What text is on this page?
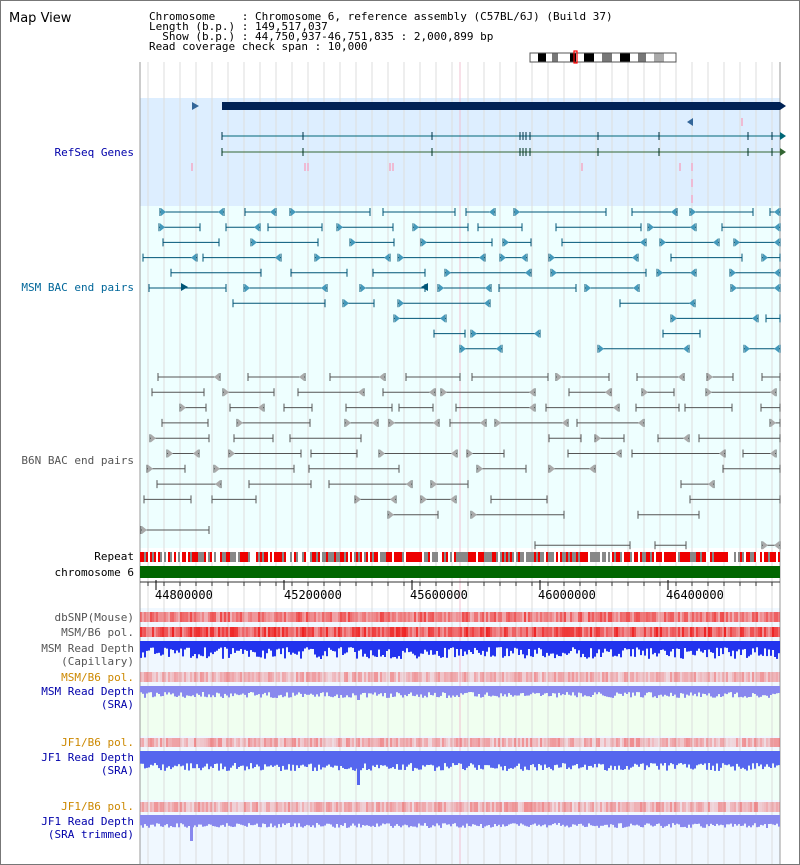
Map View	Chromosome    : Chromosome 6, reference assembly (C57BL/6J) (Build 37)
Length (b.p.) : 149,517,037
Show (b.p.) : 44,750,937-46,751,835 : 2,000,899 bp
Read coverage check span : 10,000
RefSeq Genes
MSM BAC end pairs
B6N BAC end pairs
Repeat
chromosome 6
44800000	45200000	45600000	46000000	46400000
dbSNP(Mouse)
MSM/B6 pol.
MSM Read Depth
(Capillary)
MSM/B6 pol.
MSM Read Depth
(SRA)
JF1/B6 pol.
JF1 Read Depth
(SRA)
JF1/B6 pol.
JF1 Read Depth
(SRA trimmed)
